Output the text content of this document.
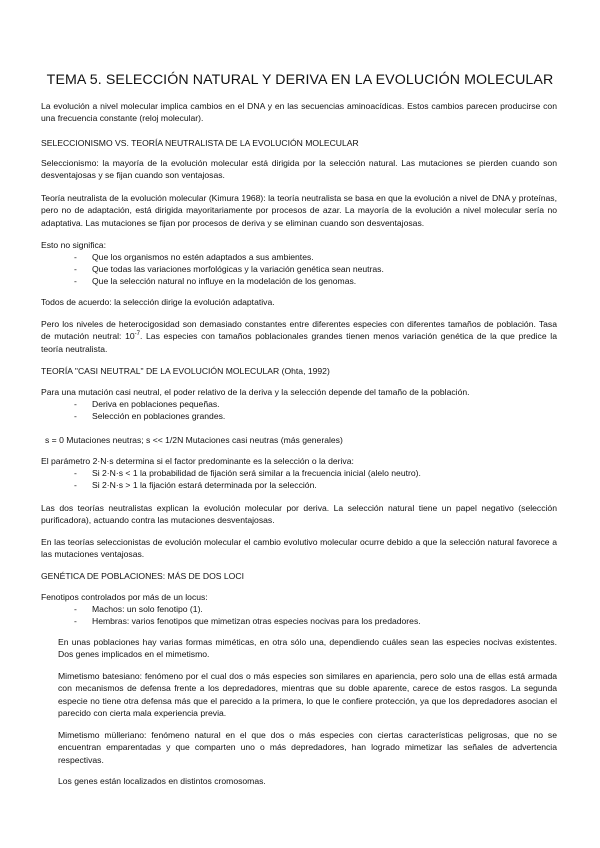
TEMA 5. SELECCIÓN NATURAL Y DERIVA EN LA EVOLUCIÓN MOLECULAR

La evolución a nivel molecular implica cambios en el DNA y en las secuencias aminoacídicas. Estos cambios parecen producirse con una frecuencia constante (reloj molecular).

SELECCIONISMO VS. TEORÍA NEUTRALISTA DE LA EVOLUCIÓN MOLECULAR

Seleccionismo: la mayoría de la evolución molecular está dirigida por la selección natural. Las mutaciones se pierden cuando son desventajosas y se fijan cuando son ventajosas.

Teoría neutralista de la evolución molecular (Kimura 1968): la teoría neutralista se basa en que la evolución a nivel de DNA y proteínas, pero no de adaptación, está dirigida mayoritariamente por procesos de azar. La mayoría de la evolución a nivel molecular sería no adaptativa. Las mutaciones se fijan por procesos de deriva y se eliminan cuando son desventajosas.

Esto no significa:

- Que los organismos no estén adaptados a sus ambientes.
- Que todas las variaciones morfológicas y la variación genética sean neutras.
- Que la selección natural no influye en la modelación de los genomas.

Todos de acuerdo: la selección dirige la evolución adaptativa.

Pero los niveles de heterocigosidad son demasiado constantes entre diferentes especies con diferentes tamaños de población. Tasa de mutación neutral: $10^{-7}$. Las especies con tamaños poblacionales grandes tienen menos variación genética de la que predice la teoría neutralista.

TEORÍA "CASI NEUTRAL" DE LA EVOLUCIÓN MOLECULAR (Ohta, 1992)

Para una mutación casi neutral, el poder relativo de la deriva y la selección depende del tamaño de la población.

- Deriva en poblaciones pequeñas.
- Selección en poblaciones grandes.

s = 0 Mutaciones neutras; s << 1/2N Mutaciones casi neutras (más generales)

El parámetro 2·N·s determina si el factor predominante es la selección o la deriva:

- Si 2·N·s < 1 la probabilidad de fijación será similar a la frecuencia inicial (alelo neutro).
- Si 2·N·s > 1 la fijación estará determinada por la selección.

Las dos teorías neutralistas explican la evolución molecular por deriva. La selección natural tiene un papel negativo (selección purificadora), actuando contra las mutaciones desventajosas.

En las teorías seleccionistas de evolución molecular el cambio evolutivo molecular ocurre debido a que la selección natural favorece a las mutaciones ventajosas.

GENÉTICA DE POBLACIONES: MÁS DE DOS LOCI

Fenotipos controlados por más de un locus:

- Machos: un solo fenotipo (1).
- Hembras: varios fenotipos que mimetizan otras especies nocivas para los predadores.

En unas poblaciones hay varias formas miméticas, en otra sólo una, dependiendo cuáles sean las especies nocivas existentes. Dos genes implicados en el mimetismo.

Mimetismo batesiano: fenómeno por el cual dos o más especies son similares en apariencia, pero solo una de ellas está armada con mecanismos de defensa frente a los depredadores, mientras que su doble aparente, carece de estos rasgos. La segunda especie no tiene otra defensa más que el parecido a la primera, lo que le confiere protección, ya que los depredadores asocian el parecido con cierta mala experiencia previa.

Mimetismo mülleriano: fenómeno natural en el que dos o más especies con ciertas características peligrosas, que no se encuentran emparentadas y que comparten uno o más depredadores, han logrado mimetizar las señales de advertencia respectivas.

Los genes están localizados en distintos cromosomas.
